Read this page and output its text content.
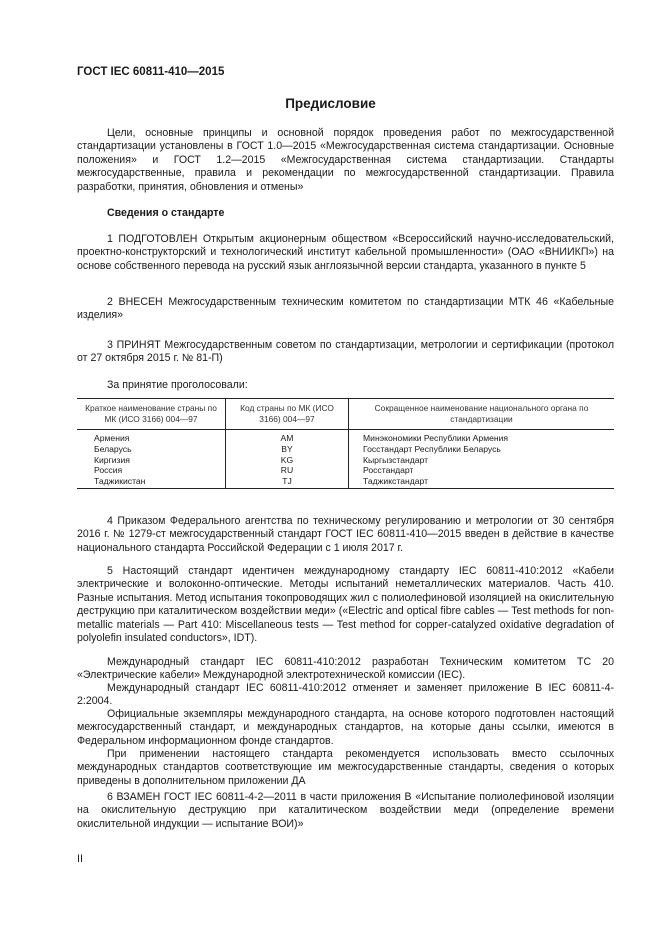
ГОСТ IEC 60811-410—2015
Предисловие
Цели, основные принципы и основной порядок проведения работ по межгосударственной стандартизации установлены в ГОСТ 1.0—2015 «Межгосударственная система стандартизации. Основные положения» и ГОСТ 1.2—2015 «Межгосударственная система стандартизации. Стандарты межгосударственные, правила и рекомендации по межгосударственной стандартизации. Правила разработки, принятия, обновления и отмены»
Сведения о стандарте
1 ПОДГОТОВЛЕН Открытым акционерным обществом «Всероссийский научно-исследовательский, проектно-конструкторский и технологический институт кабельной промышленности» (ОАО «ВНИИКП») на основе собственного перевода на русский язык англоязычной версии стандарта, указанного в пункте 5
2 ВНЕСЕН Межгосударственным техническим комитетом по стандартизации МТК 46 «Кабельные изделия»
3 ПРИНЯТ Межгосударственным советом по стандартизации, метрологии и сертификации (протокол от 27 октября 2015 г. № 81-П)
За принятие проголосовали:
Краткое наименование страны по МК (ИСО 3166) 004—97	Код страны по МК (ИСО 3166) 004—97	Сокращенное наименование национального органа по стандартизации
Армения	AM	Минэкономики Республики Армения
Беларусь	BY	Госстандарт Республики Беларусь
Киргизия	KG	Кыргызстандарт
Россия	RU	Росстандарт
Таджикистан	TJ	Таджикстандарт
4 Приказом Федерального агентства по техническому регулированию и метрологии от 30 сентября 2016 г. № 1279-ст межгосударственный стандарт ГОСТ IEC 60811-410—2015 введен в действие в качестве национального стандарта Российской Федерации с 1 июля 2017 г.
5 Настоящий стандарт идентичен международному стандарту IEC 60811-410:2012 «Кабели электрические и волоконно-оптические. Методы испытаний неметаллических материалов. Часть 410. Разные испытания. Метод испытания токопроводящих жил с полиолефиновой изоляцией на окислительную деструкцию при каталитическом воздействии меди» («Electric and optical fibre cables — Test methods for non-metallic materials — Part 410: Miscellaneous tests — Test method for copper-catalyzed oxidative degradation of polyolefin insulated conductors», IDT).
Международный стандарт IEC 60811-410:2012 разработан Техническим комитетом ТС 20 «Электрические кабели» Международной электротехнической комиссии (IEC).
Международный стандарт IEC 60811-410:2012 отменяет и заменяет приложение В IEC 60811-4-2:2004.
Официальные экземпляры международного стандарта, на основе которого подготовлен настоящий межгосударственный стандарт, и международных стандартов, на которые даны ссылки, имеются в Федеральном информационном фонде стандартов.
При применении настоящего стандарта рекомендуется использовать вместо ссылочных международных стандартов соответствующие им межгосударственные стандарты, сведения о которых приведены в дополнительном приложении ДА
6 ВЗАМЕН ГОСТ IEC 60811-4-2—2011 в части приложения В «Испытание полиолефиновой изоляции на окислительную деструкцию при каталитическом воздействии меди (определение времени окислительной индукции — испытание ВОИ)»
II
